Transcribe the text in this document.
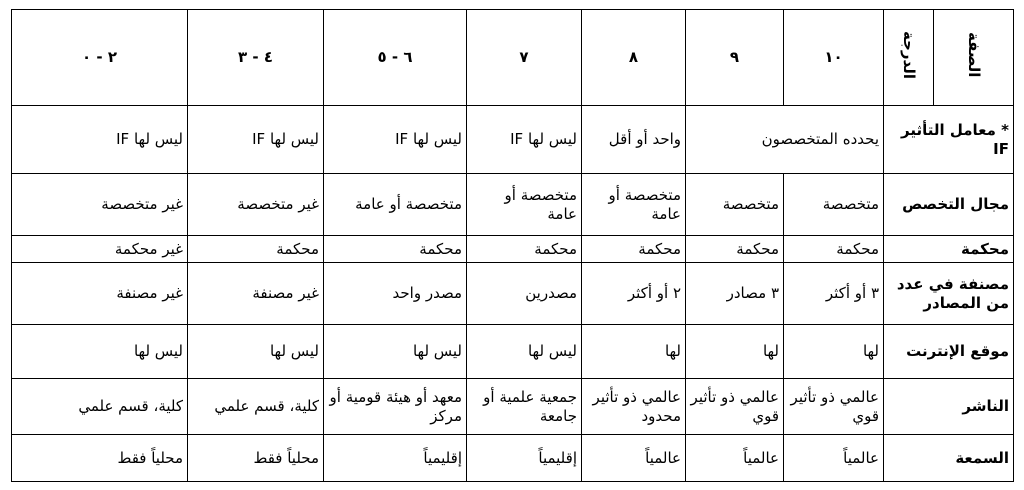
الصفة	الدرجة	١٠	٩	٨	٧	٦ - ٥	٤ - ٣	٢ - ٠
* معامل التأثير IF		يحدده المتخصصون		واحد أو أقل	ليس لها IF	ليس لها IF	ليس لها IF	ليس لها IF
مجال التخصص		متخصصة	متخصصة	متخصصة أو عامة	متخصصة أو عامة	متخصصة أو عامة	غير متخصصة	غير متخصصة
محكمة		محكمة	محكمة	محكمة	محكمة	محكمة	محكمة	غير محكمة
مصنفة في عدد من المصادر		٣ أو أكثر	٣ مصادر	٢ أو أكثر	مصدرين	مصدر واحد	غير مصنفة	غير مصنفة
موقع الإنترنت		لها	لها	لها	ليس لها	ليس لها	ليس لها	ليس لها
الناشر		عالمي ذو تأثير قوي	عالمي ذو تأثير قوي	عالمي ذو تأثير محدود	جمعية علمية أو جامعة	معهد أو هيئة قومية أو مركز	كلية، قسم علمي	كلية، قسم علمي
السمعة		عالمياً	عالمياً	عالمياً	إقليمياً	إقليمياً	محلياً فقط	محلياً فقط
